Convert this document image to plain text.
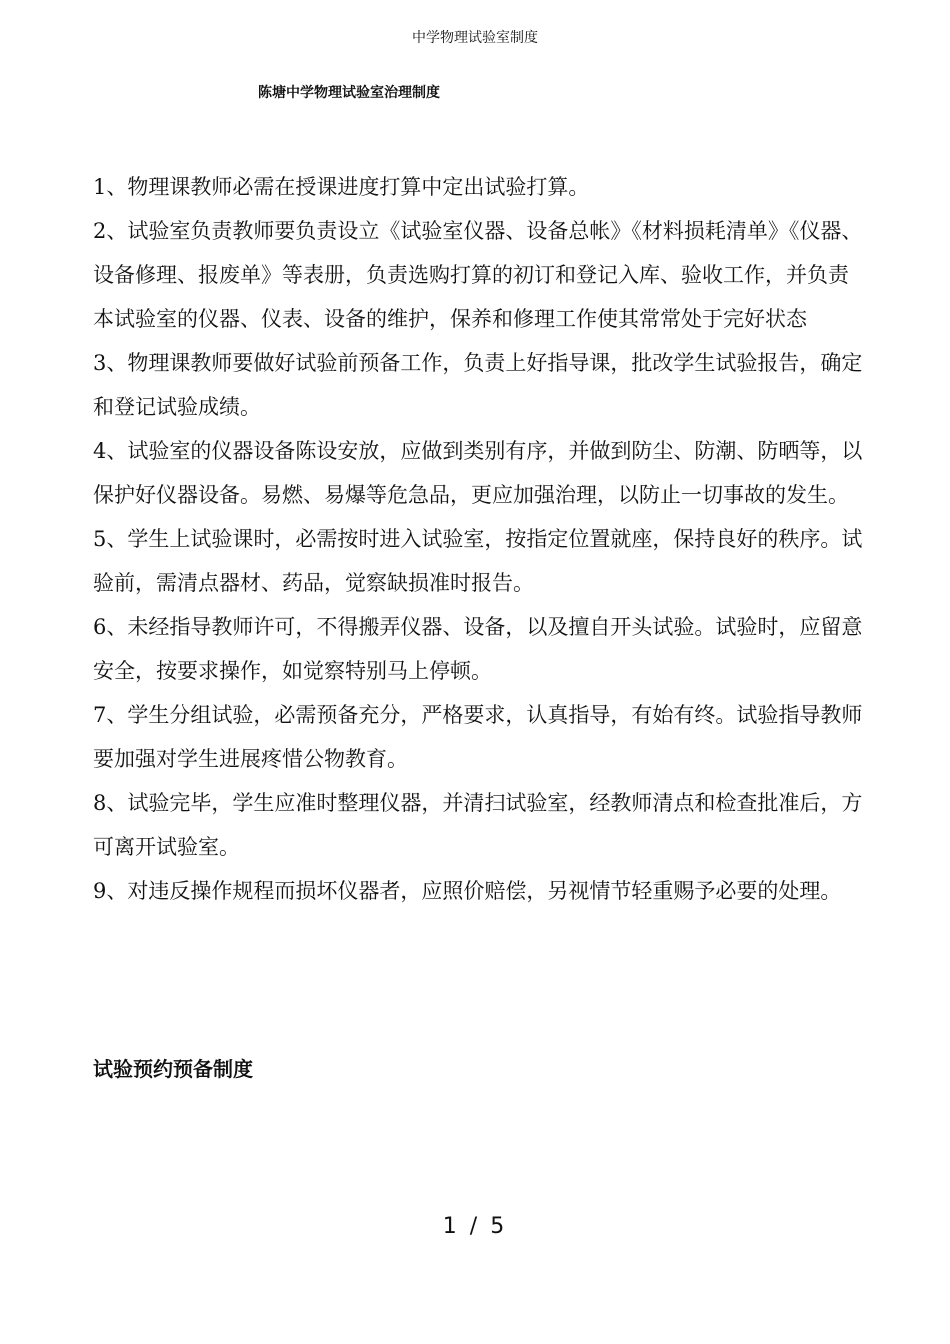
中学物理试验室制度
陈塘中学物理试验室治理制度
1、物理课教师必需在授课进度打算中定出试验打算。
2、试验室负责教师要负责设立《试验室仪器、设备总帐》《材料损耗清单》《仪器、设备修理、报废单》等表册，负责选购打算的初订和登记入库、验收工作，并负责本试验室的仪器、仪表、设备的维护，保养和修理工作使其常常处于完好状态
3、物理课教师要做好试验前预备工作，负责上好指导课，批改学生试验报告，确定和登记试验成绩。
4、试验室的仪器设备陈设安放，应做到类别有序，并做到防尘、防潮、防晒等，以保护好仪器设备。易燃、易爆等危急品，更应加强治理，以防止一切事故的发生。
5、学生上试验课时，必需按时进入试验室，按指定位置就座，保持良好的秩序。试验前，需清点器材、药品，觉察缺损准时报告。
6、未经指导教师许可，不得搬弄仪器、设备，以及擅自开头试验。试验时，应留意安全，按要求操作，如觉察特别马上停顿。
7、学生分组试验，必需预备充分，严格要求，认真指导，有始有终。试验指导教师要加强对学生进展疼惜公物教育。
8、试验完毕，学生应准时整理仪器，并清扫试验室，经教师清点和检查批准后，方可离开试验室。
9、对违反操作规程而损坏仪器者，应照价赔偿，另视情节轻重赐予必要的处理。
试验预约预备制度
1 / 5
